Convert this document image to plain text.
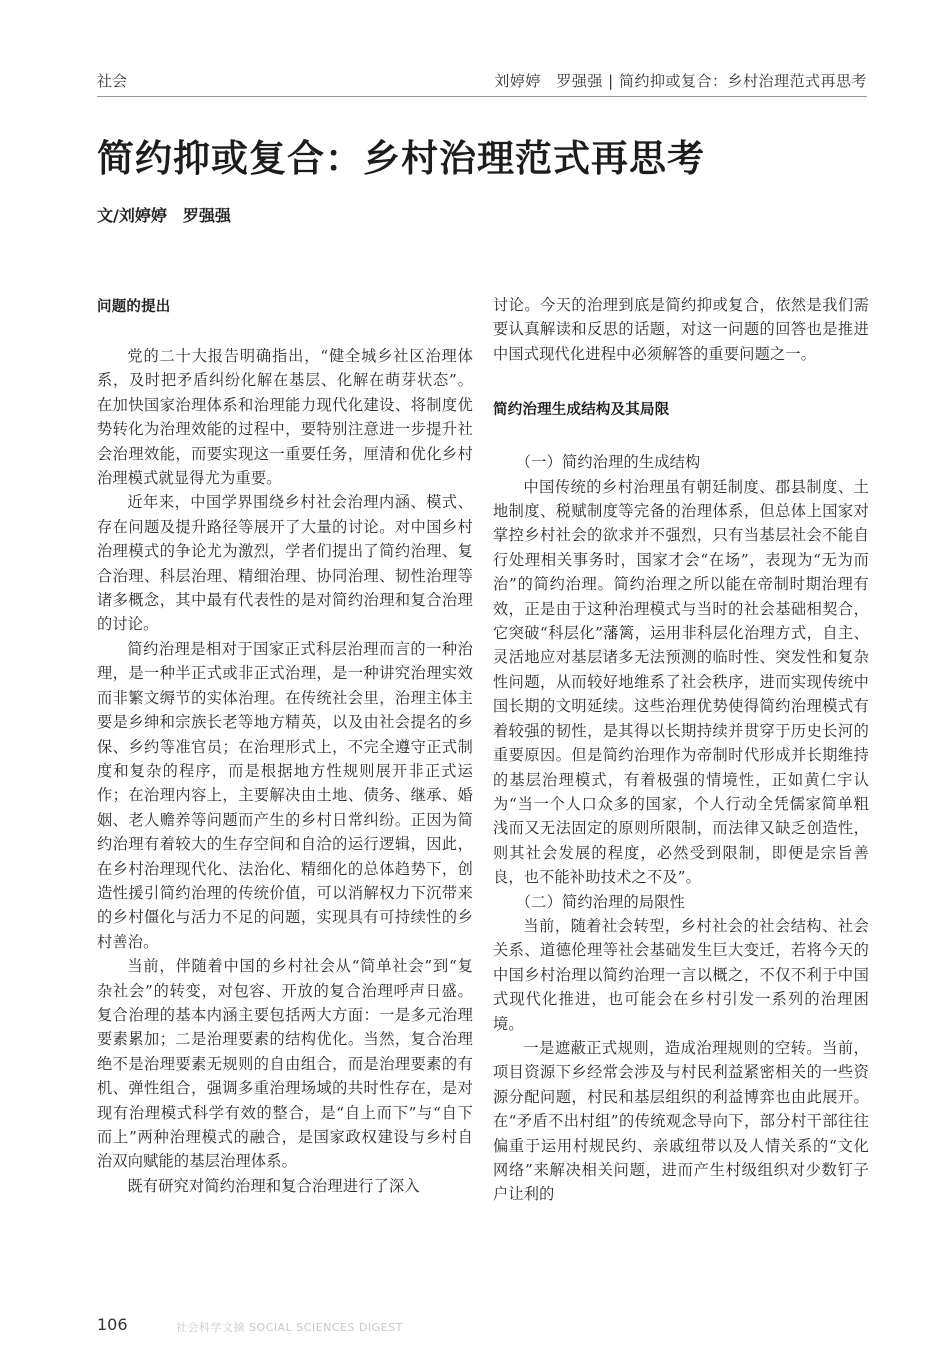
社会	刘婷婷　罗强强 | 简约抑或复合：乡村治理范式再思考
简约抑或复合：乡村治理范式再思考
文/刘婷婷　罗强强
问题的提出

党的二十大报告明确指出，“健全城乡社区治理体系，及时把矛盾纠纷化解在基层、化解在萌芽状态”。在加快国家治理体系和治理能力现代化建设、将制度优势转化为治理效能的过程中，要特别注意进一步提升社会治理效能，而要实现这一重要任务，厘清和优化乡村治理模式就显得尤为重要。

近年来，中国学界围绕乡村社会治理内涵、模式、存在问题及提升路径等展开了大量的讨论。对中国乡村治理模式的争论尤为激烈，学者们提出了简约治理、复合治理、科层治理、精细治理、协同治理、韧性治理等诸多概念，其中最有代表性的是对简约治理和复合治理的讨论。

简约治理是相对于国家正式科层治理而言的一种治理，是一种半正式或非正式治理，是一种讲究治理实效而非繁文缛节的实体治理。在传统社会里，治理主体主要是乡绅和宗族长老等地方精英，以及由社会提名的乡保、乡约等准官员；在治理形式上，不完全遵守正式制度和复杂的程序，而是根据地方性规则展开非正式运作；在治理内容上，主要解决由土地、债务、继承、婚姻、老人赡养等问题而产生的乡村日常纠纷。正因为简约治理有着较大的生存空间和自洽的运行逻辑，因此，在乡村治理现代化、法治化、精细化的总体趋势下，创造性援引简约治理的传统价值，可以消解权力下沉带来的乡村僵化与活力不足的问题，实现具有可持续性的乡村善治。

当前，伴随着中国的乡村社会从“简单社会”到“复杂社会”的转变，对包容、开放的复合治理呼声日盛。复合治理的基本内涵主要包括两大方面：一是多元治理要素累加；二是治理要素的结构优化。当然，复合治理绝不是治理要素无规则的自由组合，而是治理要素的有机、弹性组合，强调多重治理场域的共时性存在，是对现有治理模式科学有效的整合，是“自上而下”与“自下而上”两种治理模式的融合，是国家政权建设与乡村自治双向赋能的基层治理体系。

既有研究对简约治理和复合治理进行了深入

讨论。今天的治理到底是简约抑或复合，依然是我们需要认真解读和反思的话题，对这一问题的回答也是推进中国式现代化进程中必须解答的重要问题之一。

简约治理生成结构及其局限
（一）简约治理的生成结构

中国传统的乡村治理虽有朝廷制度、郡县制度、土地制度、税赋制度等完备的治理体系，但总体上国家对掌控乡村社会的欲求并不强烈，只有当基层社会不能自行处理相关事务时，国家才会“在场”，表现为“无为而治”的简约治理。简约治理之所以能在帝制时期治理有效，正是由于这种治理模式与当时的社会基础相契合，它突破“科层化”藩篱，运用非科层化治理方式，自主、灵活地应对基层诸多无法预测的临时性、突发性和复杂性问题，从而较好地维系了社会秩序，进而实现传统中国长期的文明延续。这些治理优势使得简约治理模式有着较强的韧性，是其得以长期持续并贯穿于历史长河的重要原因。但是简约治理作为帝制时代形成并长期维持的基层治理模式，有着极强的情境性，正如黄仁宇认为“当一个人口众多的国家，个人行动全凭儒家简单粗浅而又无法固定的原则所限制，而法律又缺乏创造性，则其社会发展的程度，必然受到限制，即便是宗旨善良，也不能补助技术之不及”。

（二）简约治理的局限性

当前，随着社会转型，乡村社会的社会结构、社会关系、道德伦理等社会基础发生巨大变迁，若将今天的中国乡村治理以简约治理一言以概之，不仅不利于中国式现代化推进，也可能会在乡村引发一系列的治理困境。

一是遮蔽正式规则，造成治理规则的空转。当前，项目资源下乡经常会涉及与村民利益紧密相关的一些资源分配问题，村民和基层组织的利益博弈也由此展开。在“矛盾不出村组”的传统观念导向下，部分村干部往往偏重于运用村规民约、亲戚纽带以及人情关系的“文化网络”来解决相关问题，进而产生村级组织对少数钉子户让利的

106	社会科学文摘 SOCIAL SCIENCES DIGEST
